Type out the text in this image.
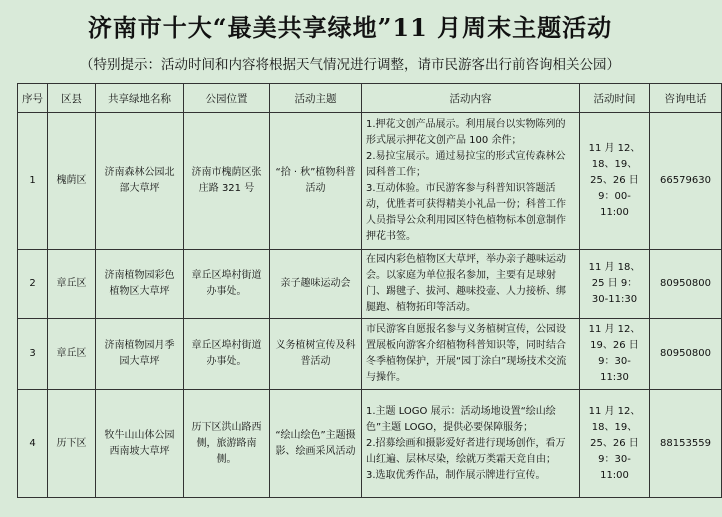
济南市十大“最美共享绿地”11 月周末主题活动
（特别提示：活动时间和内容将根据天气情况进行调整，请市民游客出行前咨询相关公园）
序号	区县	共享绿地名称	公园位置	活动主题	活动内容	活动时间	咨询电话
1	槐荫区	济南森林公园北部大草坪	济南市槐荫区张庄路 321 号	“拾 · 秋”植物科普活动	1.押花文创产品展示。利用展台以实物陈列的形式展示押花文创产品 100 余件；
2.易拉宝展示。通过易拉宝的形式宣传森林公园科普工作；
3.互动体验。市民游客参与科普知识答题活动，优胜者可获得精美小礼品一份；科普工作人员指导公众利用园区特色植物标本创意制作押花书签。	11 月 12、18、19、25、26 日 9：00-11:00	66579630
2	章丘区	济南植物园彩色植物区大草坪	章丘区埠村街道办事处。	亲子趣味运动会	在园内彩色植物区大草坪，举办亲子趣味运动会。以家庭为单位报名参加，主要有足球射门、踢毽子、拔河、趣味投壶、人力接桥、绑腿跑、植物拓印等活动。	11 月 18、25 日 9：30-11:30	80950800
3	章丘区	济南植物园月季园大草坪	章丘区埠村街道办事处。	义务植树宣传及科普活动	市民游客自愿报名参与义务植树宣传，公园设置展板向游客介绍植物科普知识等，同时结合冬季植物保护，开展“园丁涂白”现场技术交流与操作。	11 月 12、19、26 日 9：30-11:30	80950800
4	历下区	牧牛山山体公园西南坡大草坪	历下区洪山路西侧，旅游路南侧。	“绘山绘色”主题摄影、绘画采风活动	1.主题 LOGO 展示：活动场地设置“绘山绘色”主题 LOGO，提供必要保障服务；
2.招募绘画和摄影爱好者进行现场创作，看万山红遍、层林尽染，绘就万类霜天竞自由；
3.选取优秀作品，制作展示牌进行宣传。	11 月 12、18、19、25、26 日 9：30-11:00	88153559
